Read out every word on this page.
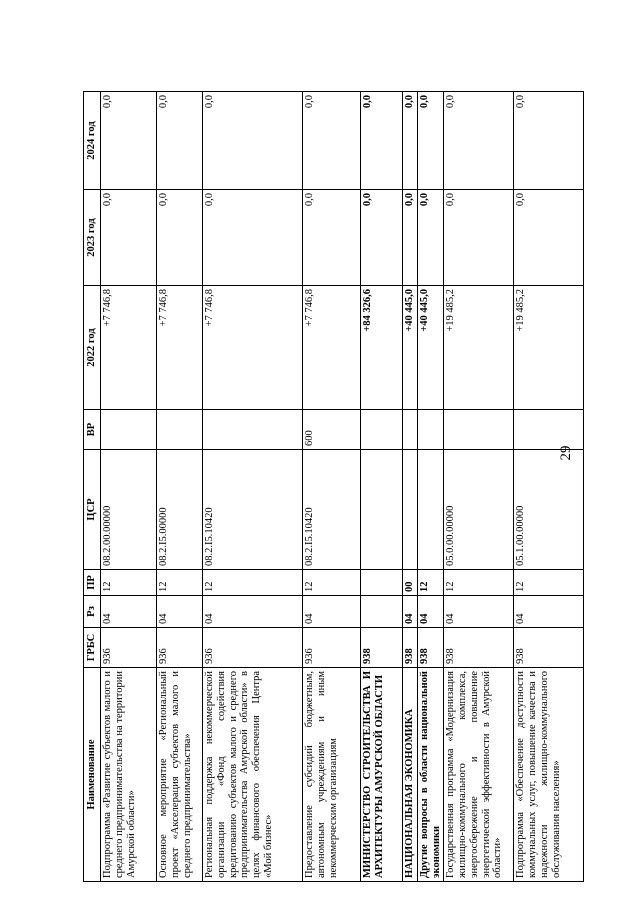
29
Наименование	ГРБС	Рз	ПР	ЦСР	ВР	2022 год	2023 год	2024 год
Подпрограмма «Развитие субъектов малого и среднего предпринимательства на территории Амурской области»	936	04	12	08.2.00.00000		+7 746,8	0,0	0,0
Основное мероприятие «Региональный проект «Акселерация субъектов малого и среднего предпринимательства»	936	04	12	08.2.I5.00000		+7 746,8	0,0	0,0
Региональная поддержка некоммерческой организации «Фонд содействия кредитованию субъектов малого и среднего предпринимательства Амурской области» в целях финансового обеспечения Центра «Мой бизнес»	936	04	12	08.2.I5.10420		+7 746,8	0,0	0,0
Предоставление субсидий бюджетным, автономным учреждениям и иным некоммерческим организациям	936	04	12	08.2.I5.10420	600	+7 746,8	0,0	0,0
МИНИСТЕРСТВО СТРОИТЕЛЬСТВА И АРХИТЕКТУРЫ АМУРСКОЙ ОБЛАСТИ	938					+84 326,6	0,0	0,0
НАЦИОНАЛЬНАЯ ЭКОНОМИКА	938	04	00			+40 445,0	0,0	0,0
Другие вопросы в области национальной экономики	938	04	12			+40 445,0	0,0	0,0
Государственная программа «Модернизация жилищно-коммунального комплекса, энергосбережение и повышение энергетической эффективности в Амурской области»	938	04	12	05.0.00.00000		+19 485,2	0,0	0,0
Подпрограмма «Обеспечение доступности коммунальных услуг, повышение качества и надежности жилищно-коммунального обслуживания населения»	938	04	12	05.1.00.00000		+19 485,2	0,0	0,0
